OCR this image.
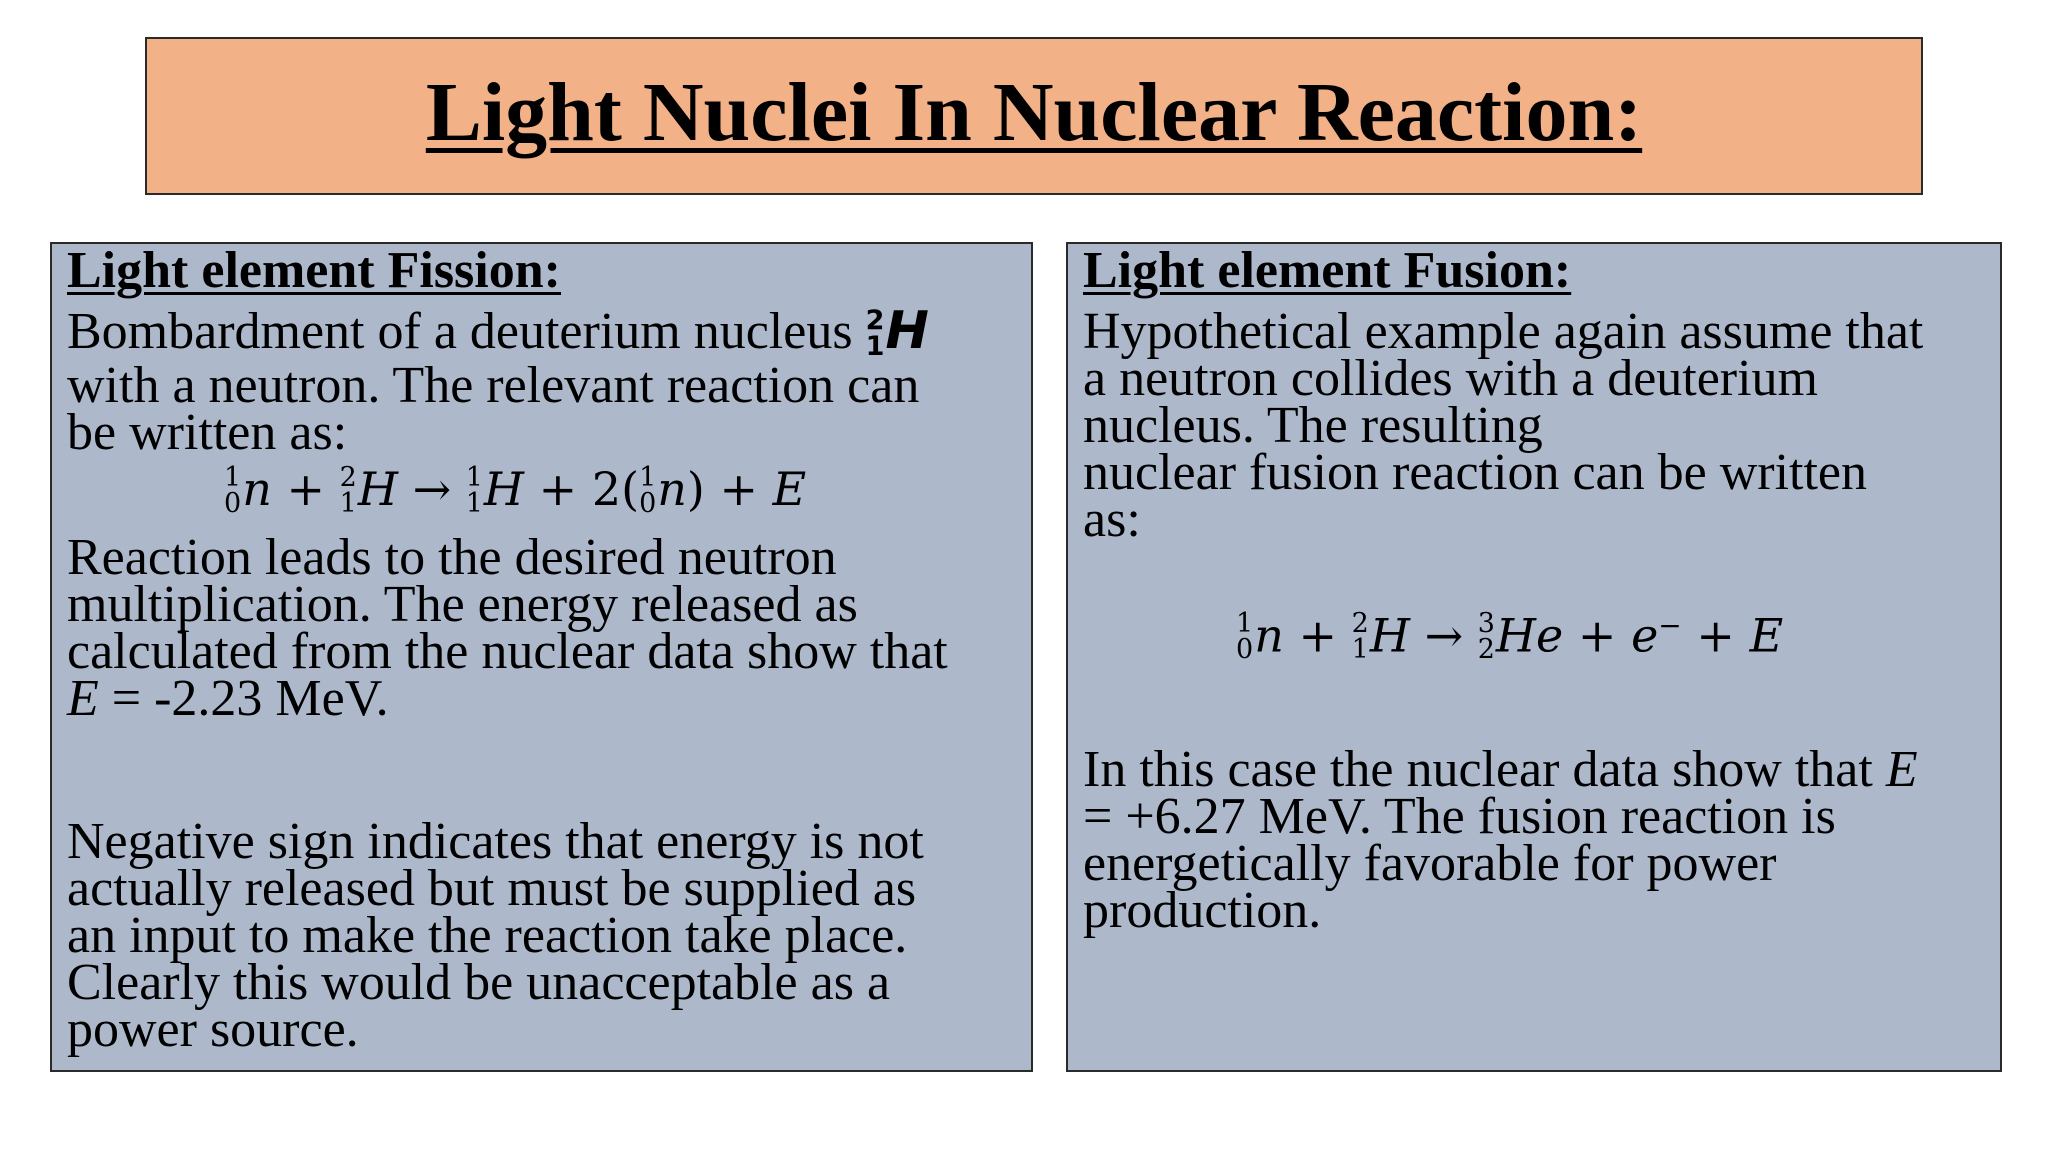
Light Nuclei In Nuclear Reaction:
Light element Fission:
Bombardment of a deuterium nucleus 2
1 H
with a neutron. The relevant reaction can
be written as:
1
0 n + 2
1 H → 1
1 H + 2( 1
0 n) + E
Reaction leads to the desired neutron
multiplication. The energy released as
calculated from the nuclear data show that
E = -2.23 MeV.
Negative sign indicates that energy is not
actually released but must be supplied as
an input to make the reaction take place.
Clearly this would be unacceptable as a
power source.
Light element Fusion:
Hypothetical example again assume that
a neutron collides with a deuterium
nucleus. The resulting
nuclear fusion reaction can be written
as:
1
0 n + 2
1 H → 3
2 He + e− + E
In this case the nuclear data show that E
= +6.27 MeV. The fusion reaction is
energetically favorable for power
production.
